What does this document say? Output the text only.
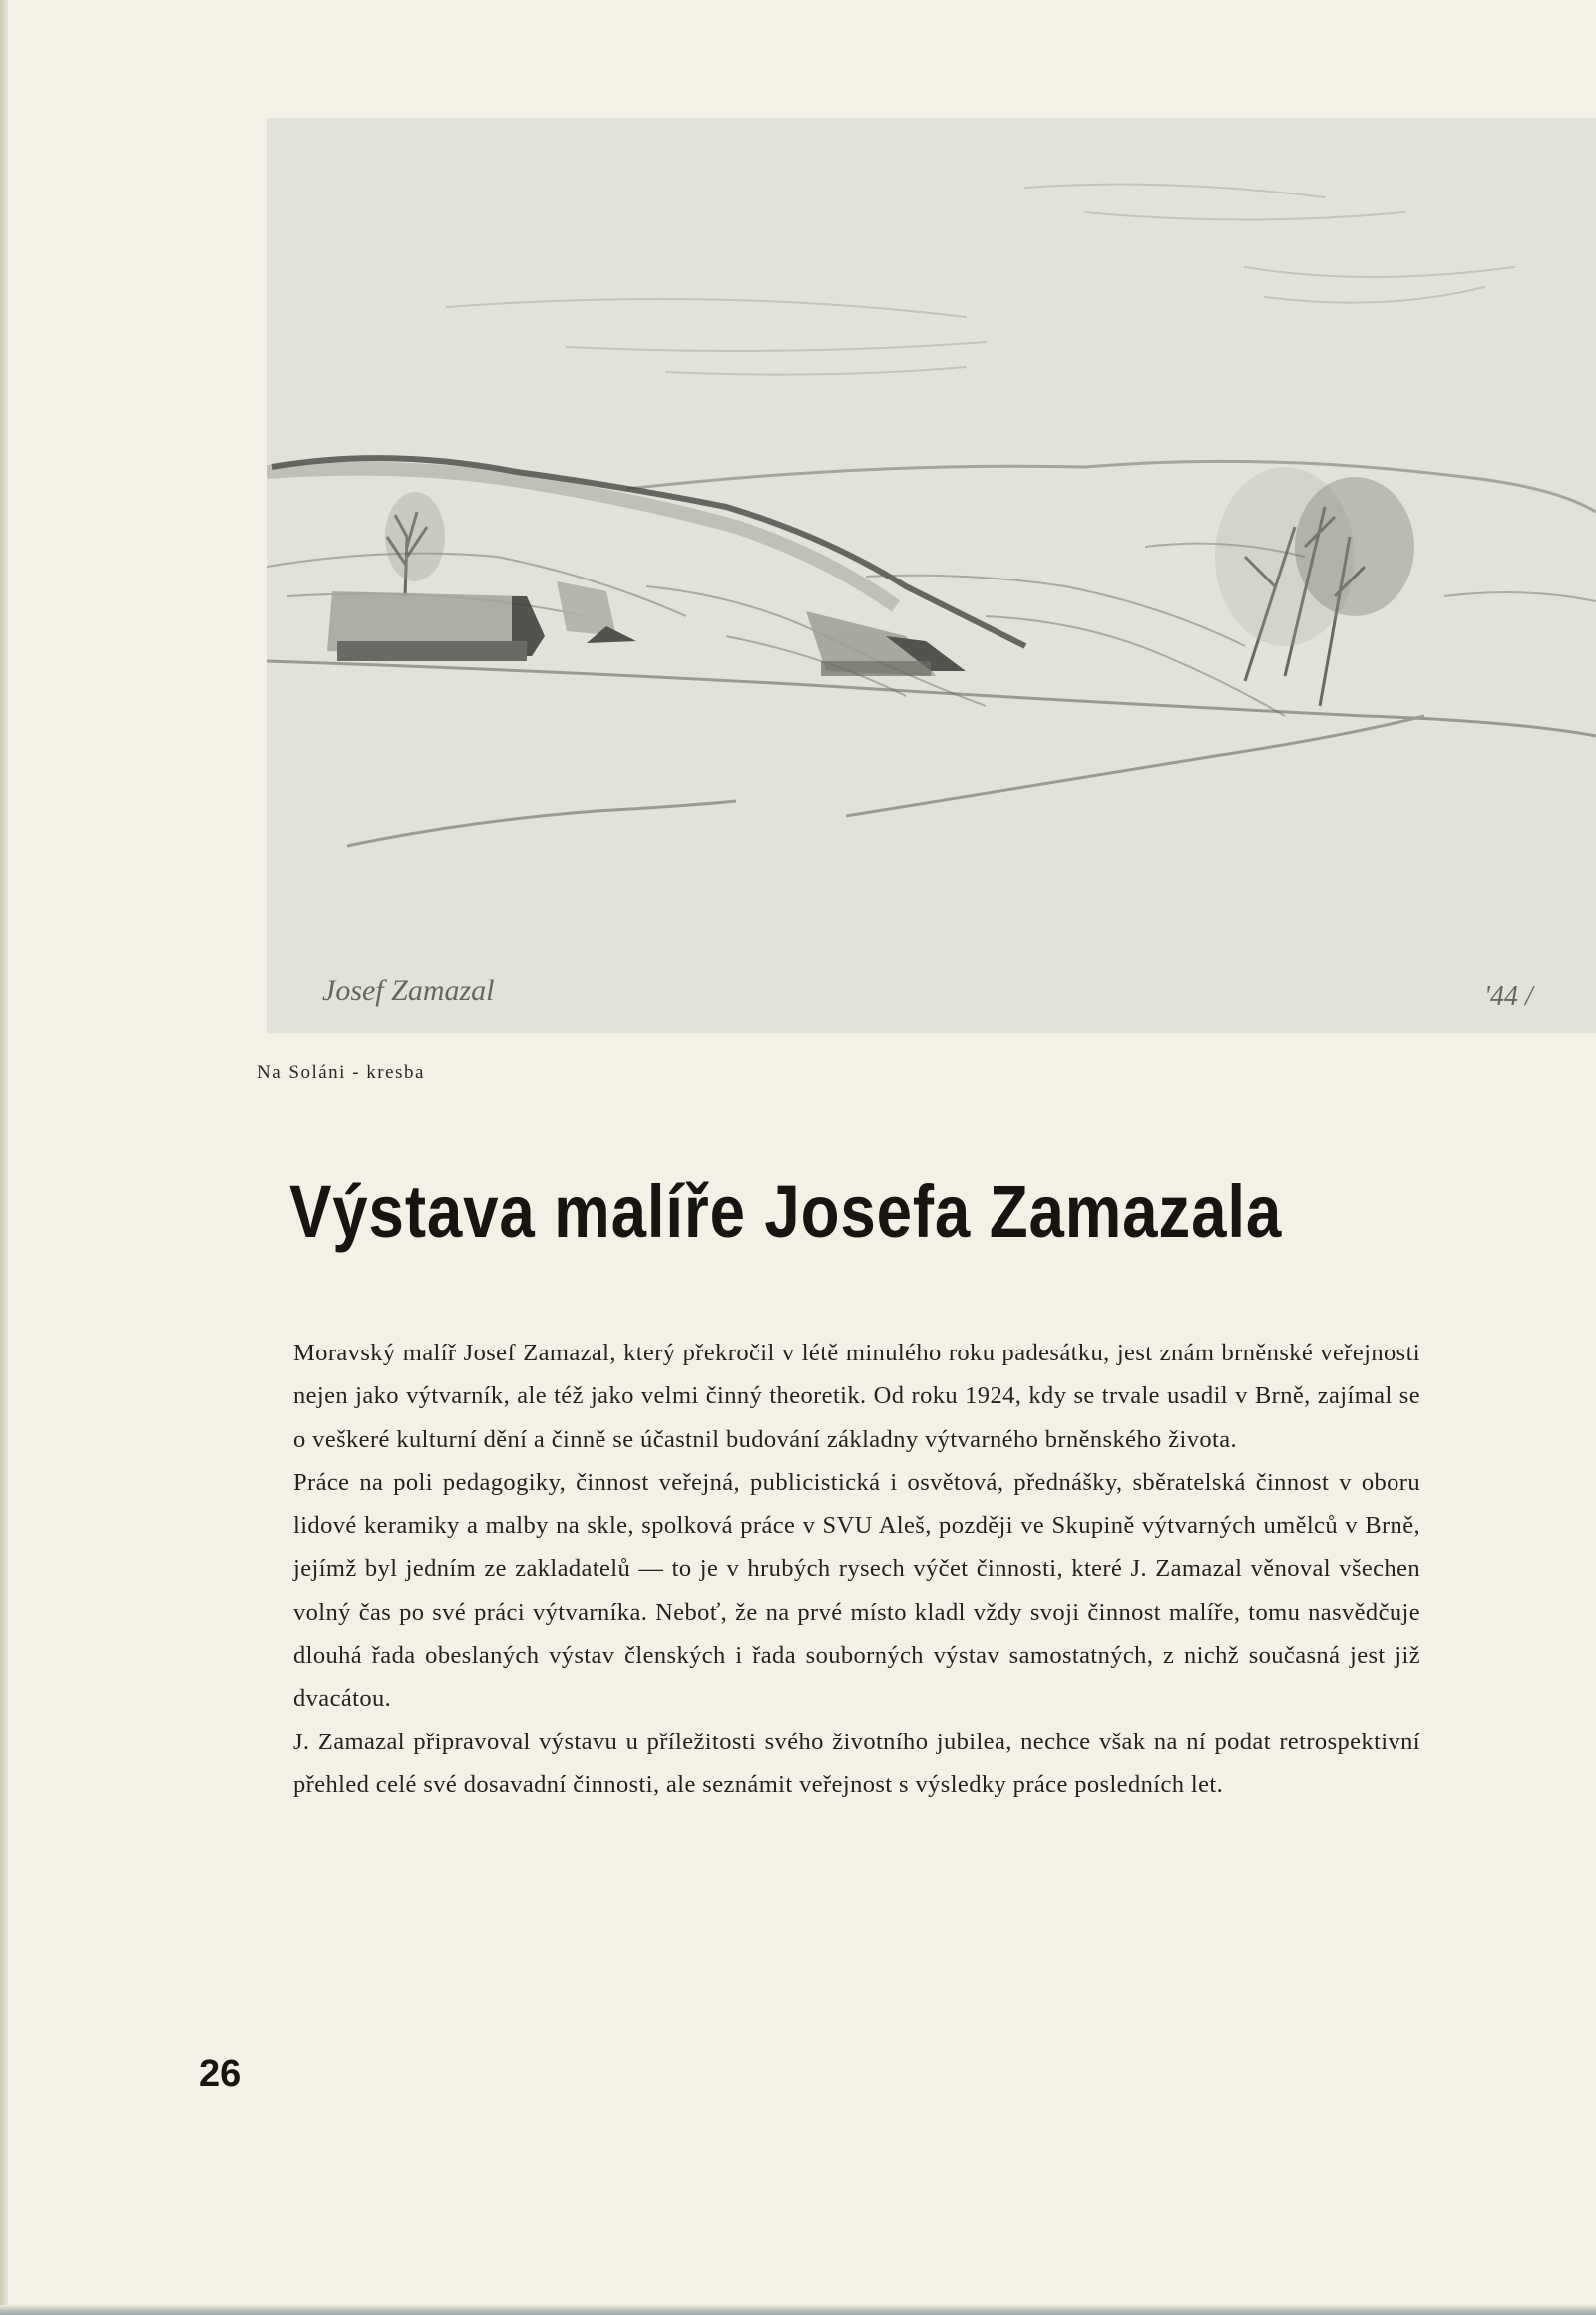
Josef Zamazal	'44 /
Na Soláni - kresba
Výstava malíře Josefa Zamazala

Moravský malíř Josef Zamazal, který překročil v létě minulého roku padesátku, jest znám brněnské veřejnosti nejen jako výtvarník, ale též jako velmi činný theoretik. Od roku 1924, kdy se trvale usadil v Brně, zajímal se o veškeré kulturní dění a činně se účastnil budování základny výtvarného brněnského života.

Práce na poli pedagogiky, činnost veřejná, publicistická i osvětová, přednášky, sběratelská činnost v oboru lidové keramiky a malby na skle, spolková práce v SVU Aleš, později ve Skupině výtvarných umělců v Brně, jejímž byl jedním ze zakladatelů — to je v hrubých rysech výčet činnosti, které J. Zamazal věnoval všechen volný čas po své práci výtvarníka. Neboť, že na prvé místo kladl vždy svoji činnost malíře, tomu nasvědčuje dlouhá řada obeslaných výstav členských i řada souborných výstav samostatných, z nichž současná jest již dvacátou.

J. Zamazal připravoval výstavu u příležitosti svého životního jubilea, nechce však na ní podat retrospektivní přehled celé své dosavadní činnosti, ale seznámit veřejnost s výsledky práce posledních let.

26
